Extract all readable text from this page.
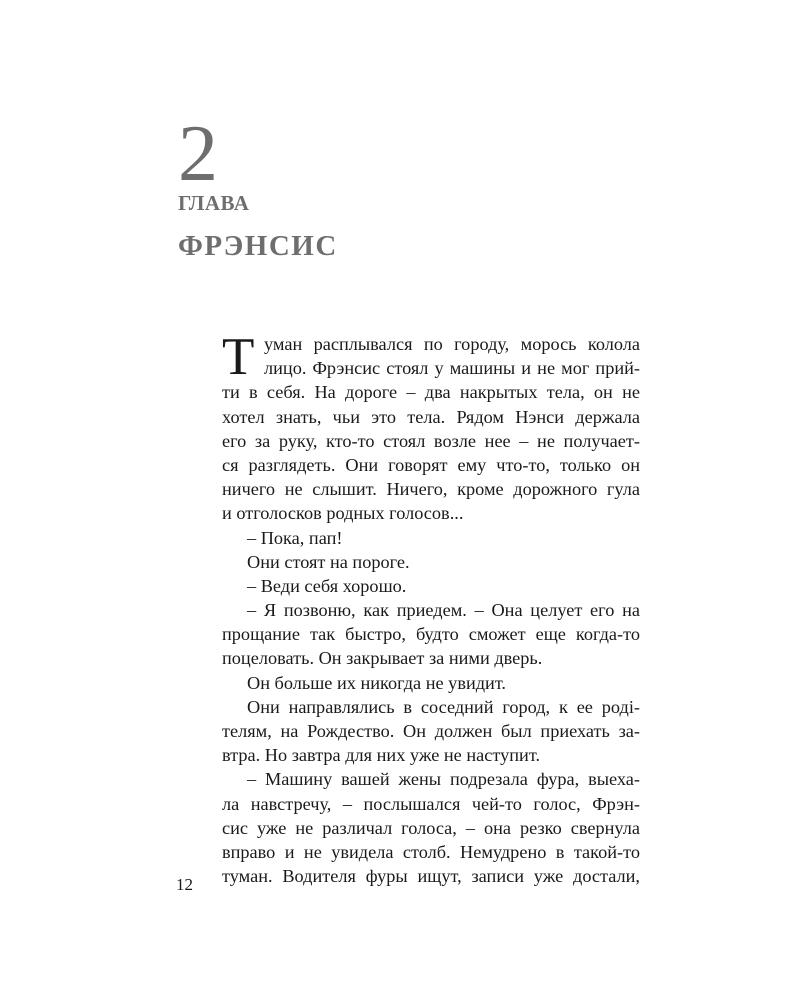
2
ГЛАВА
ФРЭНСИС
Т уман расплывался по городу, морось колола
лицо. Фрэнсис стоял у машины и не мог прий-
ти в себя. На дороге – два накрытых тела, он не
хотел знать, чьи это тела. Рядом Нэнси держала
его за руку, кто-то стоял возле нее – не получает-
ся разглядеть. Они говорят ему что-то, только он
ничего не слышит. Ничего, кроме дорожного гула
и отголосков родных голосов...
– Пока, пап!
Они стоят на пороге.
– Веди себя хорошо.
– Я позвоню, как приедем. – Она целует его на
прощание так быстро, будто сможет еще когда-то
поцеловать. Он закрывает за ними дверь.
Он больше их никогда не увидит.
Они направлялись в соседний город, к ее родi-
телям, на Рождество. Он должен был приехать за-
втра. Но завтра для них уже не наступит.
– Машину вашей жены подрезала фура, выеха-
ла навстречу, – послышался чей-то голос, Фрэн-
сис уже не различал голоса, – она резко свернула
вправо и не увидела столб. Немудрено в такой-то
туман. Водителя фуры ищут, записи уже достали,
12
